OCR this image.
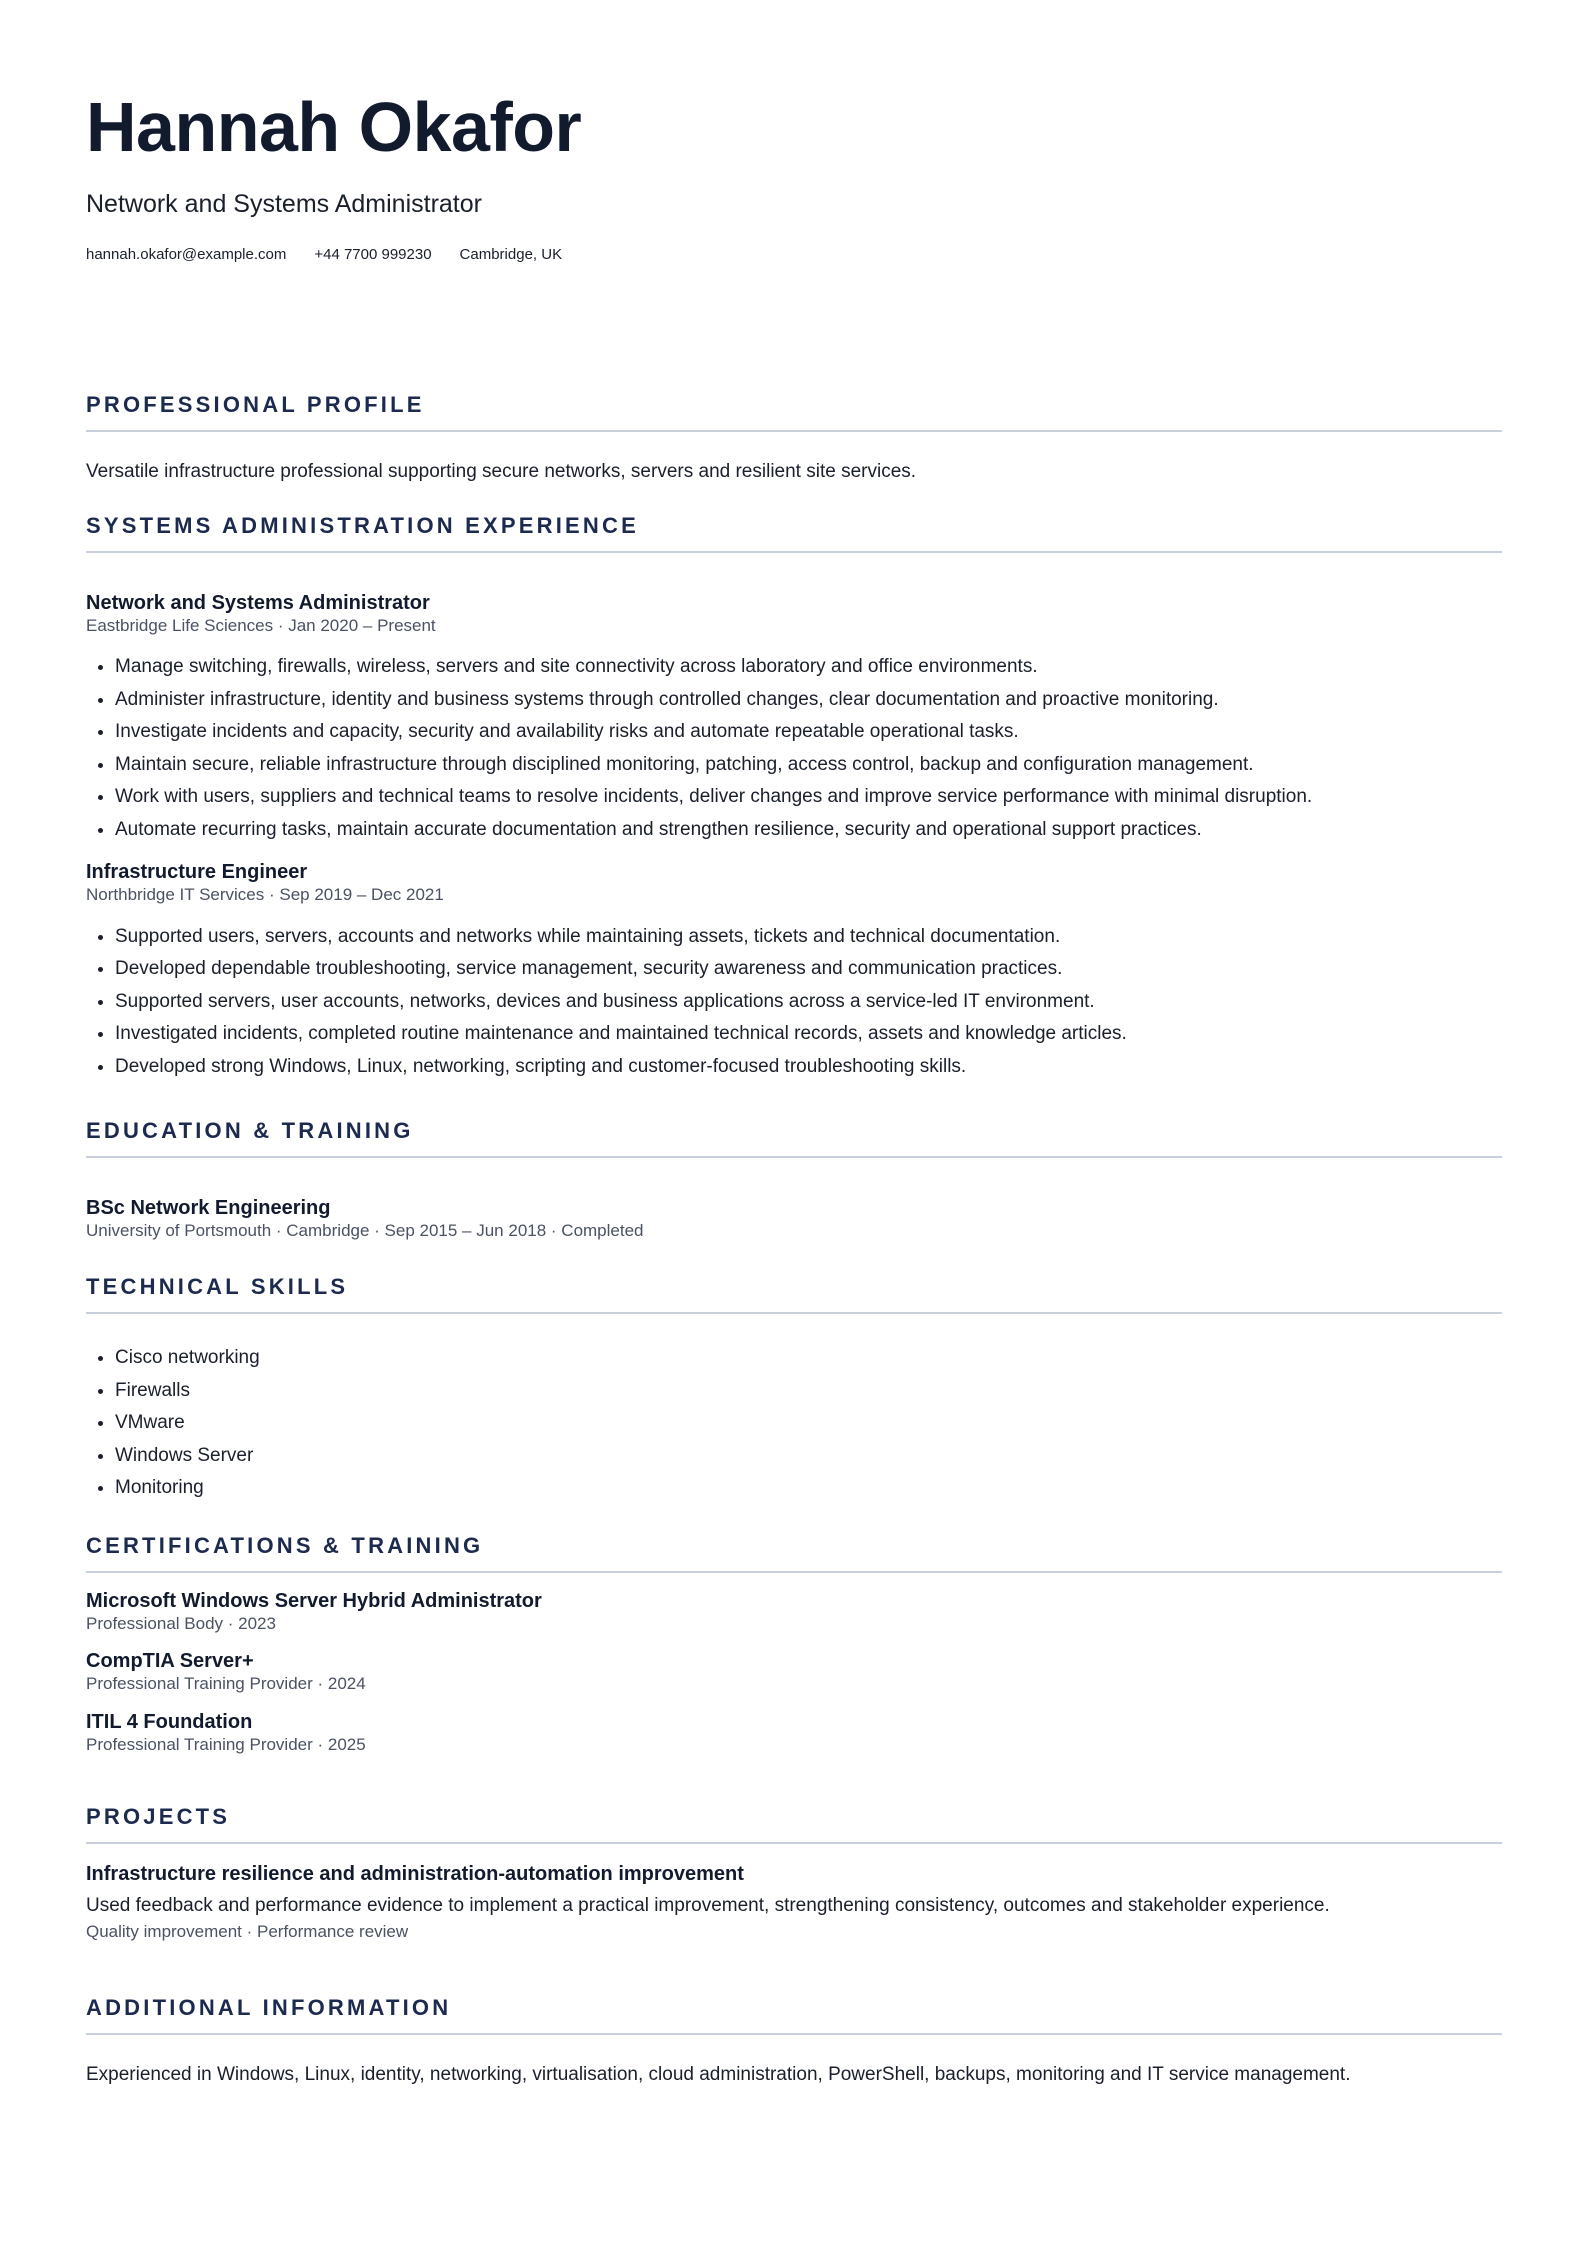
Hannah Okafor
Network and Systems Administrator
hannah.okafor@example.com +44 7700 999230 Cambridge, UK
PROFESSIONAL PROFILE
Versatile infrastructure professional supporting secure networks, servers and resilient site services.
SYSTEMS ADMINISTRATION EXPERIENCE
Network and Systems Administrator
Eastbridge Life Sciences · Jan 2020 – Present
• Manage switching, firewalls, wireless, servers and site connectivity across laboratory and office environments.
• Administer infrastructure, identity and business systems through controlled changes, clear documentation and proactive monitoring.
• Investigate incidents and capacity, security and availability risks and automate repeatable operational tasks.
• Maintain secure, reliable infrastructure through disciplined monitoring, patching, access control, backup and configuration management.
• Work with users, suppliers and technical teams to resolve incidents, deliver changes and improve service performance with minimal disruption.
• Automate recurring tasks, maintain accurate documentation and strengthen resilience, security and operational support practices.
Infrastructure Engineer
Northbridge IT Services · Sep 2019 – Dec 2021
• Supported users, servers, accounts and networks while maintaining assets, tickets and technical documentation.
• Developed dependable troubleshooting, service management, security awareness and communication practices.
• Supported servers, user accounts, networks, devices and business applications across a service-led IT environment.
• Investigated incidents, completed routine maintenance and maintained technical records, assets and knowledge articles.
• Developed strong Windows, Linux, networking, scripting and customer-focused troubleshooting skills.
EDUCATION & TRAINING
BSc Network Engineering
University of Portsmouth · Cambridge · Sep 2015 – Jun 2018 · Completed
TECHNICAL SKILLS
• Cisco networking
• Firewalls
• VMware
• Windows Server
• Monitoring
CERTIFICATIONS & TRAINING
Microsoft Windows Server Hybrid Administrator
Professional Body · 2023
CompTIA Server+
Professional Training Provider · 2024
ITIL 4 Foundation
Professional Training Provider · 2025
PROJECTS
Infrastructure resilience and administration-automation improvement
Used feedback and performance evidence to implement a practical improvement, strengthening consistency, outcomes and stakeholder experience.
Quality improvement · Performance review
ADDITIONAL INFORMATION
Experienced in Windows, Linux, identity, networking, virtualisation, cloud administration, PowerShell, backups, monitoring and IT service management.
